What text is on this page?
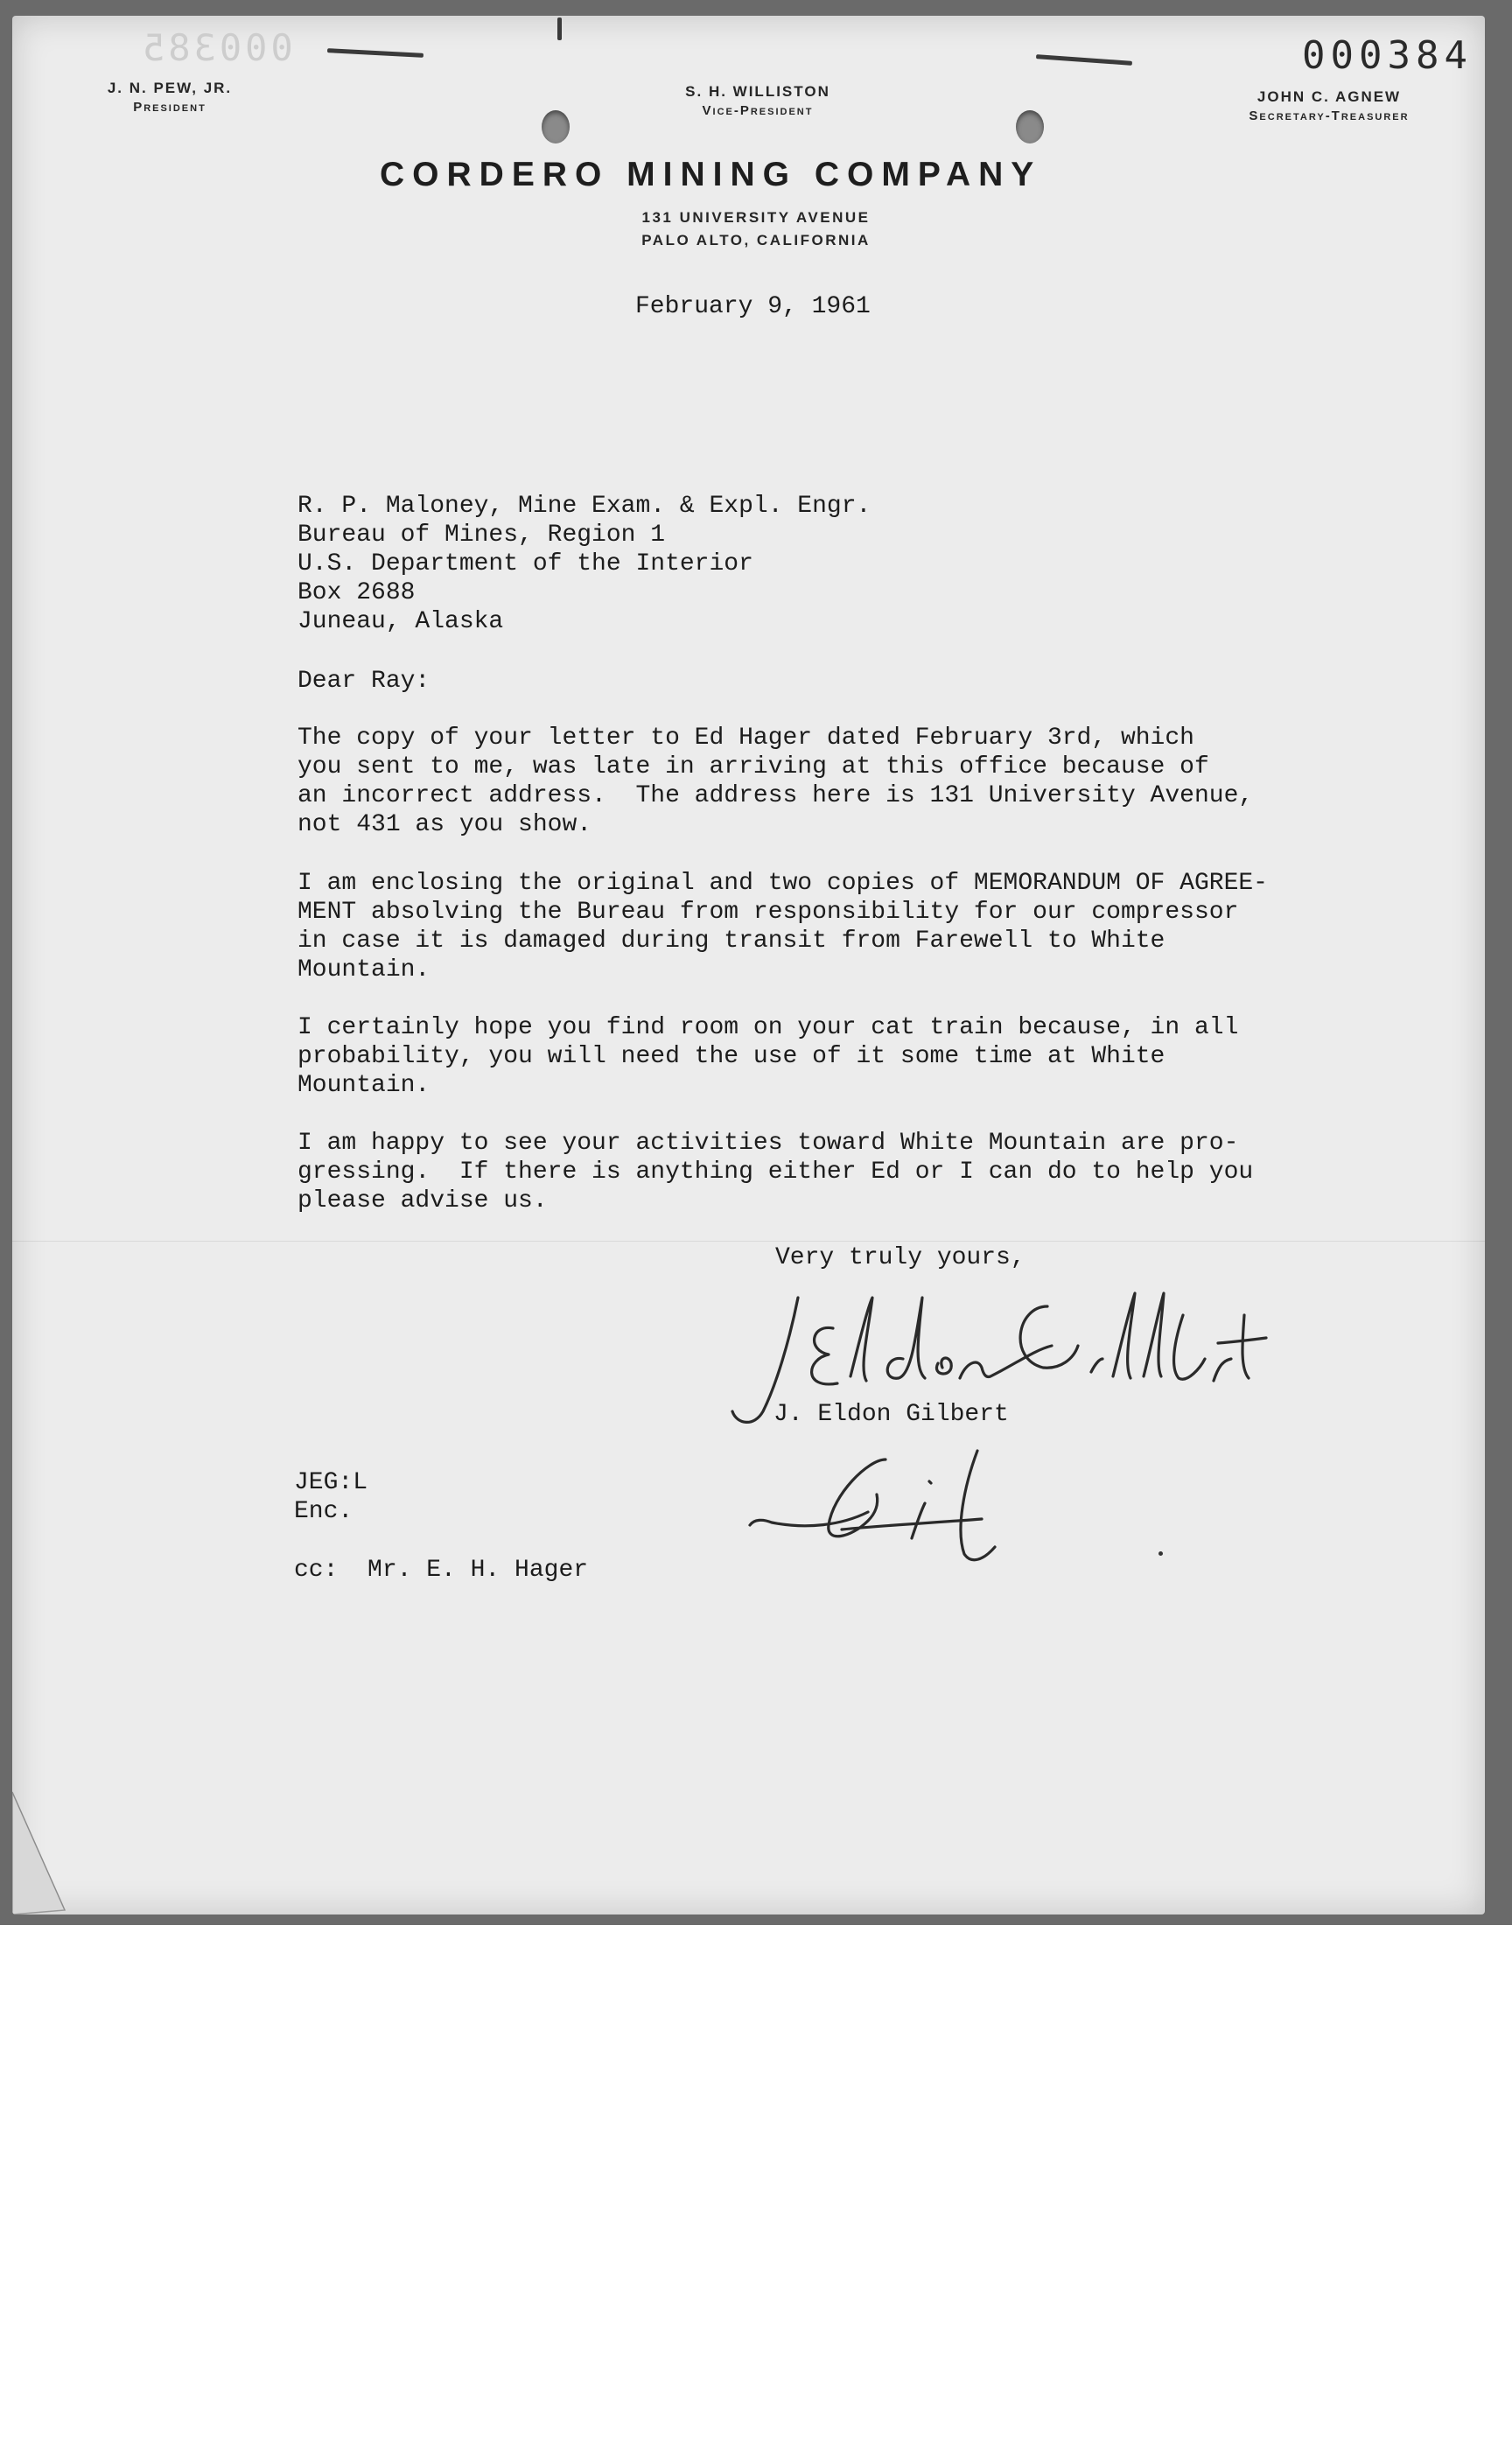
000385	000384
J. N. PEW, JR.
President
S. H. WILLISTON
Vice-President
JOHN C. AGNEW
Secretary-Treasurer
CORDERO MINING COMPANY
131 UNIVERSITY AVENUE
PALO ALTO, CALIFORNIA
February 9, 1961
R. P. Maloney, Mine Exam. & Expl. Engr.
Bureau of Mines, Region 1
U.S. Department of the Interior
Box 2688
Juneau, Alaska
Dear Ray:
The copy of your letter to Ed Hager dated February 3rd, which
you sent to me, was late in arriving at this office because of
an incorrect address.  The address here is 131 University Avenue,
not 431 as you show.
I am enclosing the original and two copies of MEMORANDUM OF AGREE-
MENT absolving the Bureau from responsibility for our compressor
in case it is damaged during transit from Farewell to White
Mountain.
I certainly hope you find room on your cat train because, in all
probability, you will need the use of it some time at White
Mountain.
I am happy to see your activities toward White Mountain are pro-
gressing.  If there is anything either Ed or I can do to help you
please advise us.
Very truly yours,
J. Eldon Gilbert
JEG:L
Enc.
cc:  Mr. E. H. Hager
